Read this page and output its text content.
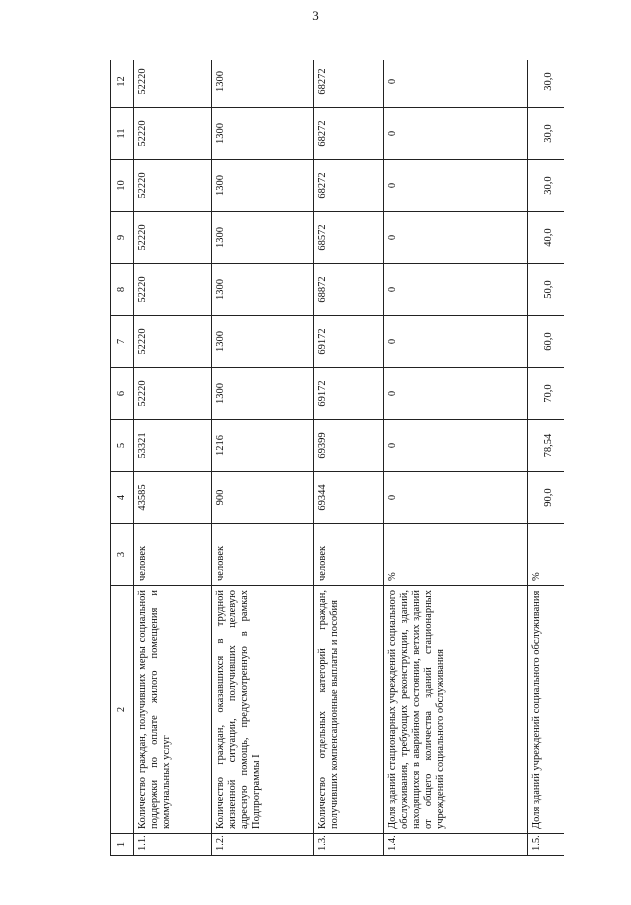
3
1	2	3	4	5	6	7	8	9	10	11	12
1.1.	Количество граждан, получивших меры социальной поддержки по оплате жилого помещения и коммунальных услуг	человек	43585	53321	52220	52220	52220	52220	52220	52220	52220
1.2.	Количество граждан, оказавшихся в трудной жизненной ситуации, получивших целевую адресную помощь, предусмотренную в рамках Подпрограммы I	человек	900	1216	1300	1300	1300	1300	1300	1300	1300
1.3.	Количество отдельных категорий граждан, получивших компенсационные выплаты и пособия	человек	69344	69399	69172	69172	68872	68572	68272	68272	68272
1.4.	Доля зданий стационарных учреждений социального обслуживания, требующих реконструкции, зданий, находящихся в аварийном состоянии, ветхих зданий от общего количества зданий стационарных учреждений социального обслуживания	%	0	0	0	0	0	0	0	0	0
1.5.	Доля зданий учреждений социального обслуживания	%	90,0	78,54	70,0	60,0	50,0	40,0	30,0	30,0	30,0
